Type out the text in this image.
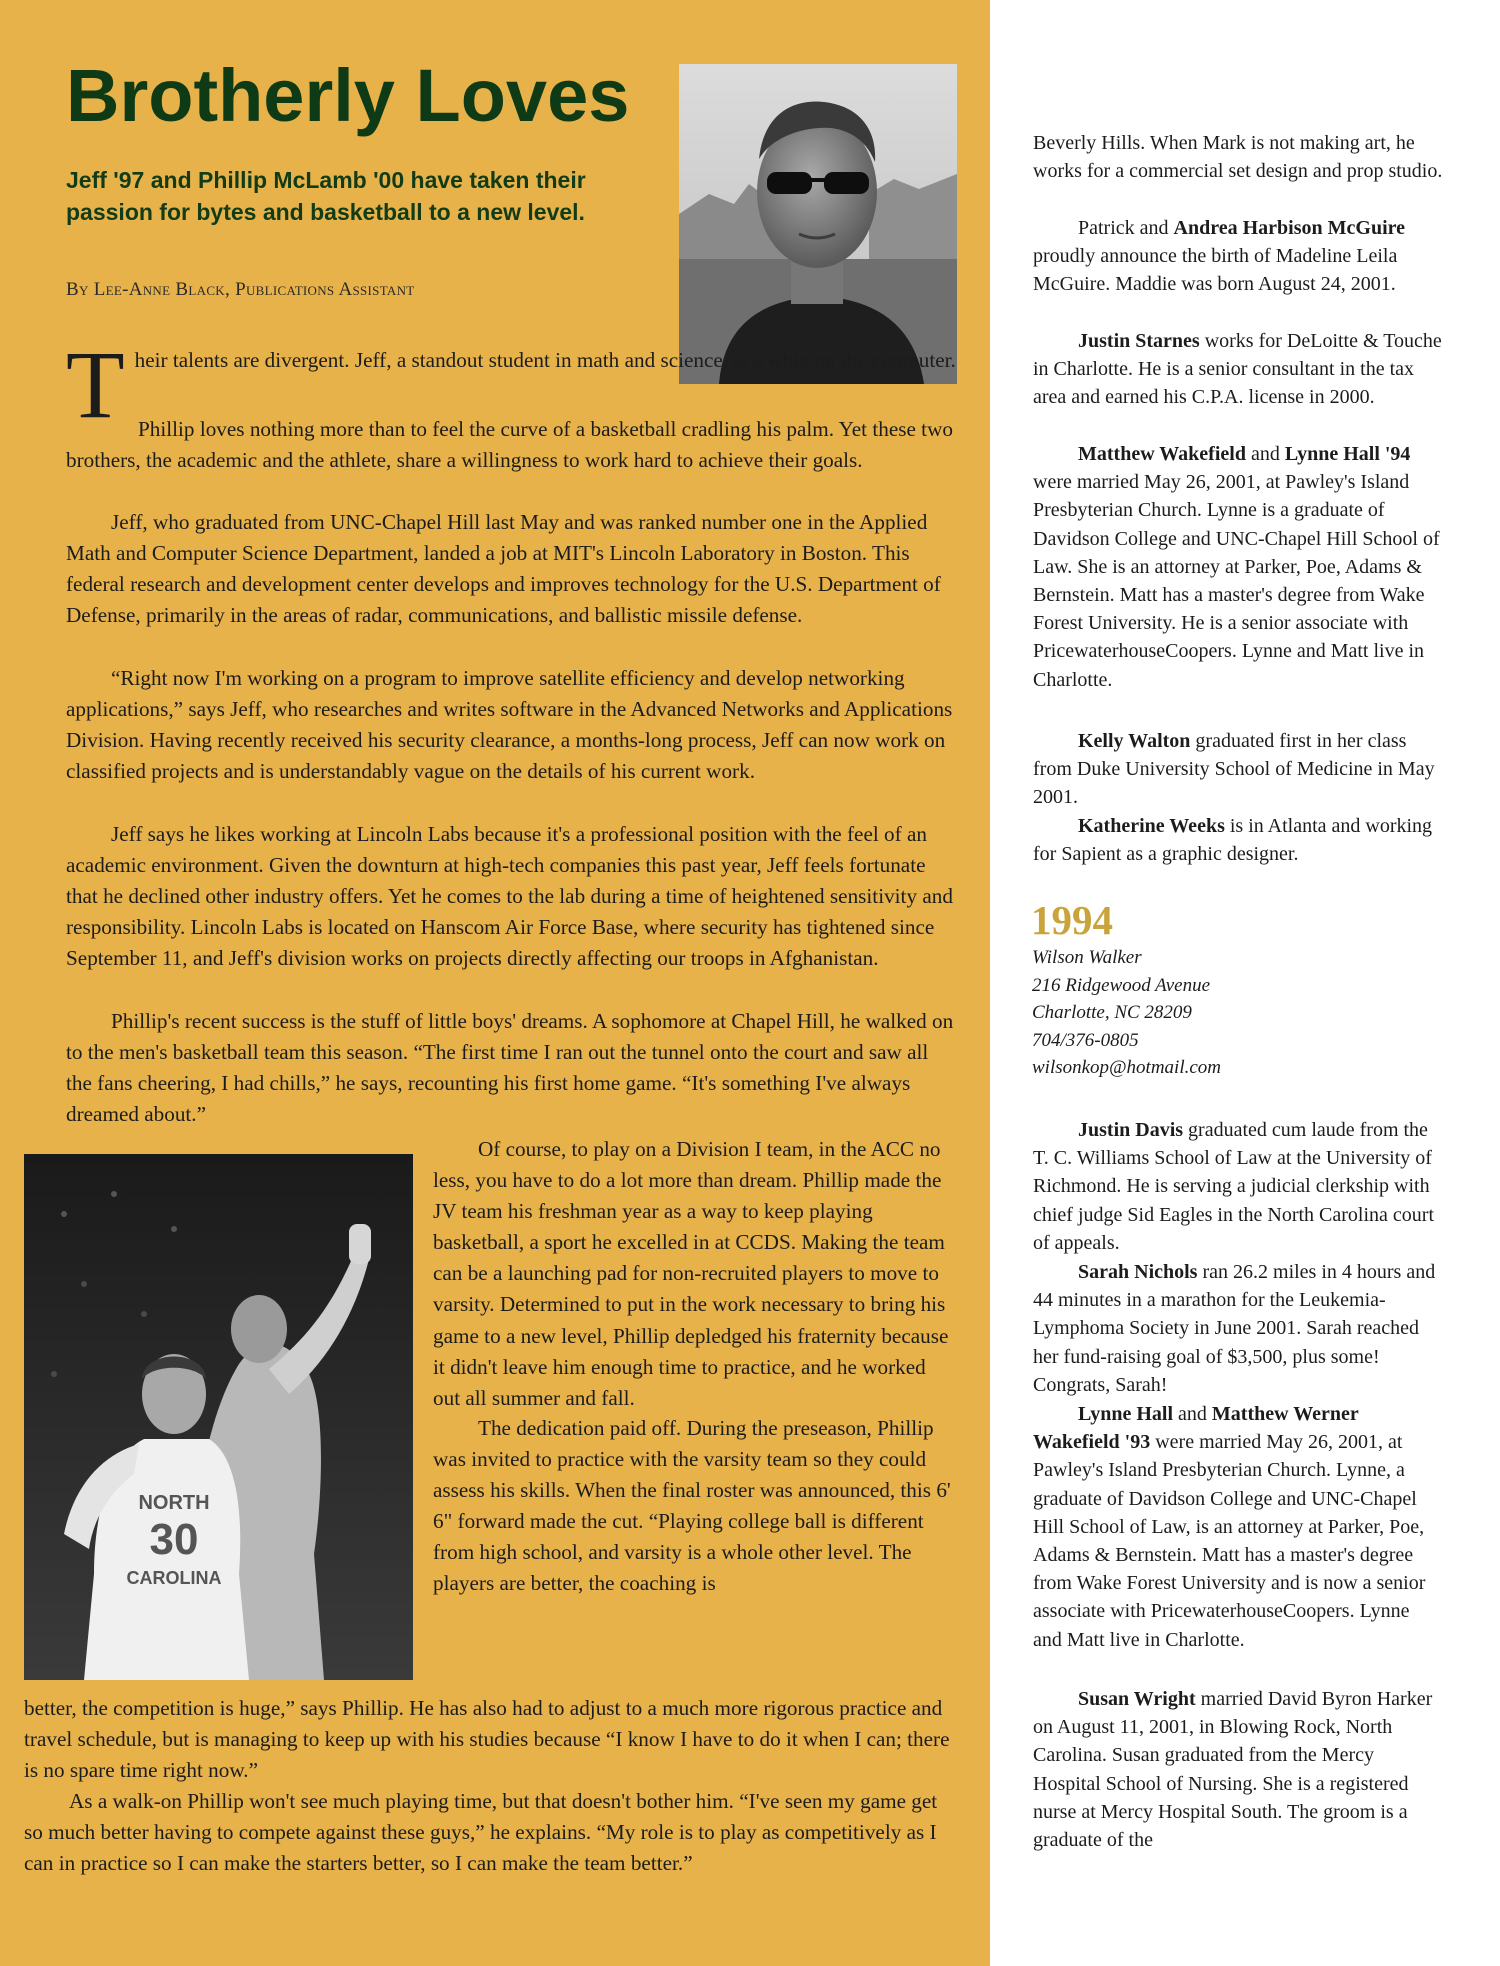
Brotherly Loves

Jeff '97 and Phillip McLamb '00 have taken their passion for bytes and basketball to a new level.

By Lee-Anne Black, Publications Assistant

Their talents are divergent. Jeff, a standout student in math and science, is a whiz on the computer.

Phillip loves nothing more than to feel the curve of a basketball cradling his palm. Yet these two brothers, the academic and the athlete, share a willingness to work hard to achieve their goals.

Jeff, who graduated from UNC-Chapel Hill last May and was ranked number one in the Applied Math and Computer Science Department, landed a job at MIT's Lincoln Laboratory in Boston. This federal research and development center develops and improves technology for the U.S. Department of Defense, primarily in the areas of radar, communications, and ballistic missile defense.

“Right now I'm working on a program to improve satellite efficiency and develop networking applications,” says Jeff, who researches and writes software in the Advanced Networks and Applications Division. Having recently received his security clearance, a months-long process, Jeff can now work on classified projects and is understandably vague on the details of his current work.

Jeff says he likes working at Lincoln Labs because it's a professional position with the feel of an academic environment. Given the downturn at high-tech companies this past year, Jeff feels fortunate that he declined other industry offers. Yet he comes to the lab during a time of heightened sensitivity and responsibility. Lincoln Labs is located on Hanscom Air Force Base, where security has tightened since September 11, and Jeff's division works on projects directly affecting our troops in Afghanistan.

Phillip's recent success is the stuff of little boys' dreams. A sophomore at Chapel Hill, he walked on to the men's basketball team this season. “The first time I ran out the tunnel onto the court and saw all the fans cheering, I had chills,” he says, recounting his first home game. “It's something I've always dreamed about.”

NORTH
30
CAROLINA

Of course, to play on a Division I team, in the ACC no less, you have to do a lot more than dream. Phillip made the JV team his freshman year as a way to keep playing basketball, a sport he excelled in at CCDS. Making the team can be a launching pad for non-recruited players to move to varsity. Determined to put in the work necessary to bring his game to a new level, Phillip depledged his fraternity because it didn't leave him enough time to practice, and he worked out all summer and fall.

The dedication paid off. During the preseason, Phillip was invited to practice with the varsity team so they could assess his skills. When the final roster was announced, this 6' 6" forward made the cut. “Playing college ball is different from high school, and varsity is a whole other level. The players are better, the coaching is

better, the competition is huge,” says Phillip. He has also had to adjust to a much more rigorous practice and travel schedule, but is managing to keep up with his studies because “I know I have to do it when I can; there is no spare time right now.”

As a walk-on Phillip won't see much playing time, but that doesn't bother him. “I've seen my game get so much better having to compete against these guys,” he explains. “My role is to play as competitively as I can in practice so I can make the starters better, so I can make the team better.”

Beverly Hills. When Mark is not making art, he works for a commercial set design and prop studio.

Patrick and Andrea Harbison McGuire proudly announce the birth of Madeline Leila McGuire. Maddie was born August 24, 2001.

Justin Starnes works for DeLoitte & Touche in Charlotte. He is a senior consultant in the tax area and earned his C.P.A. license in 2000.

Matthew Wakefield and Lynne Hall '94 were married May 26, 2001, at Pawley's Island Presbyterian Church. Lynne is a graduate of Davidson College and UNC-Chapel Hill School of Law. She is an attorney at Parker, Poe, Adams & Bernstein. Matt has a master's degree from Wake Forest University. He is a senior associate with PricewaterhouseCoopers. Lynne and Matt live in Charlotte.

Kelly Walton graduated first in her class from Duke University School of Medicine in May 2001.

Katherine Weeks is in Atlanta and working for Sapient as a graphic designer.

1994
Wilson Walker
216 Ridgewood Avenue
Charlotte, NC 28209
704/376-0805
wilsonkop@hotmail.com

Justin Davis graduated cum laude from the T. C. Williams School of Law at the University of Richmond. He is serving a judicial clerkship with chief judge Sid Eagles in the North Carolina court of appeals.

Sarah Nichols ran 26.2 miles in 4 hours and 44 minutes in a marathon for the Leukemia-Lymphoma Society in June 2001. Sarah reached her fund-raising goal of $3,500, plus some! Congrats, Sarah!

Lynne Hall and Matthew Werner Wakefield '93 were married May 26, 2001, at Pawley's Island Presbyterian Church. Lynne, a graduate of Davidson College and UNC-Chapel Hill School of Law, is an attorney at Parker, Poe, Adams & Bernstein. Matt has a master's degree from Wake Forest University and is now a senior associate with PricewaterhouseCoopers. Lynne and Matt live in Charlotte.

Susan Wright married David Byron Harker on August 11, 2001, in Blowing Rock, North Carolina. Susan graduated from the Mercy Hospital School of Nursing. She is a registered nurse at Mercy Hospital South. The groom is a graduate of the
